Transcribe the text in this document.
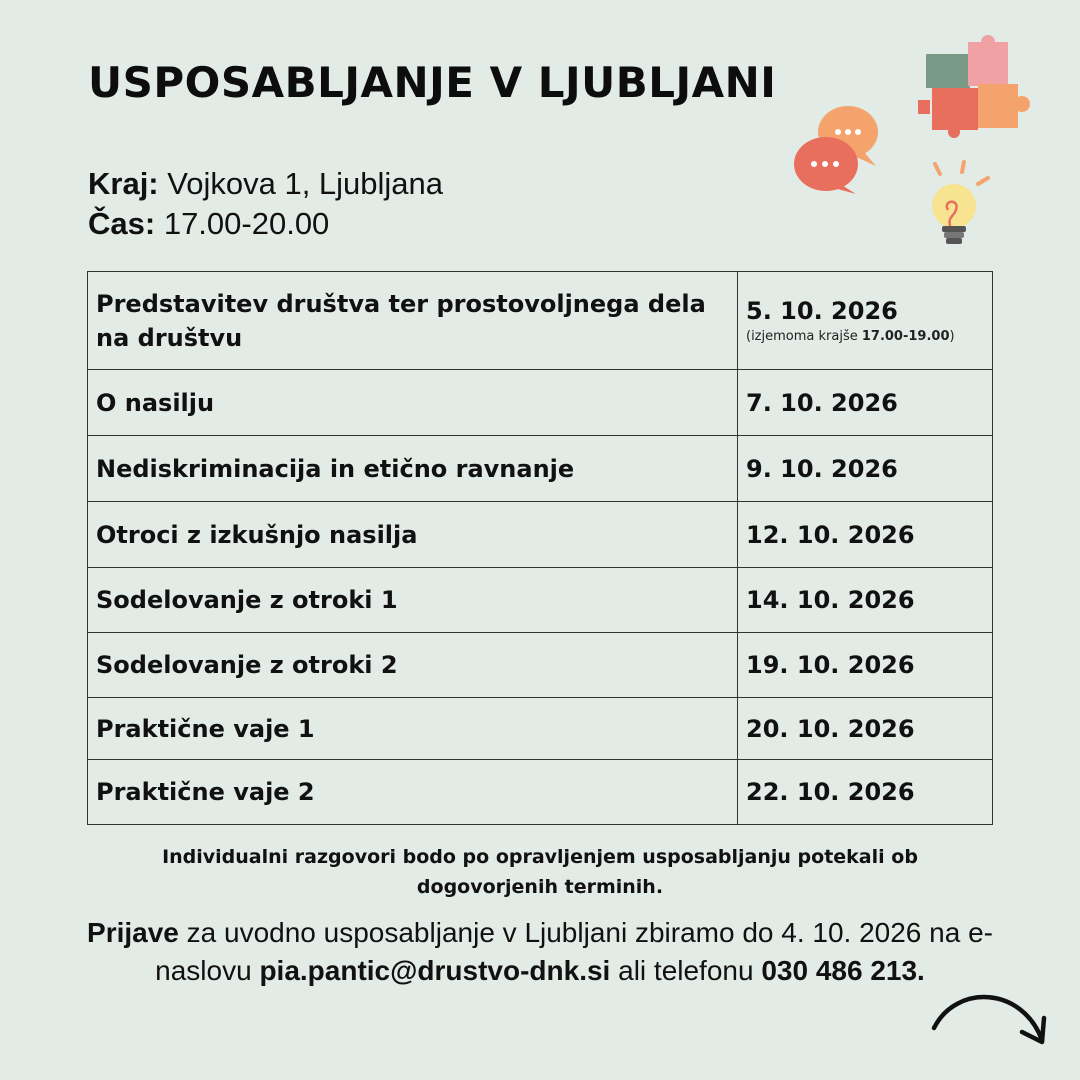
USPOSABLJANJE V LJUBLJANI
Kraj: Vojkova 1, Ljubljana
Čas: 17.00-20.00
Predstavitev društva ter prostovoljnega dela na društvu	5. 10. 2026
(izjemoma krajše 17.00-19.00)

O nasilju	7. 10. 2026
Nediskriminacija in etično ravnanje	9. 10. 2026
Otroci z izkušnjo nasilja	12. 10. 2026
Sodelovanje z otroki 1	14. 10. 2026
Sodelovanje z otroki 2	19. 10. 2026
Praktične vaje 1	20. 10. 2026
Praktične vaje 2	22. 10. 2026
Individualni razgovori bodo po opravljenjem usposabljanju potekali ob dogovorjenih terminih.
Prijave za uvodno usposabljanje v Ljubljani zbiramo do 4. 10. 2026 na e-naslovu pia.pantic@drustvo-dnk.si ali telefonu 030 486 213.
